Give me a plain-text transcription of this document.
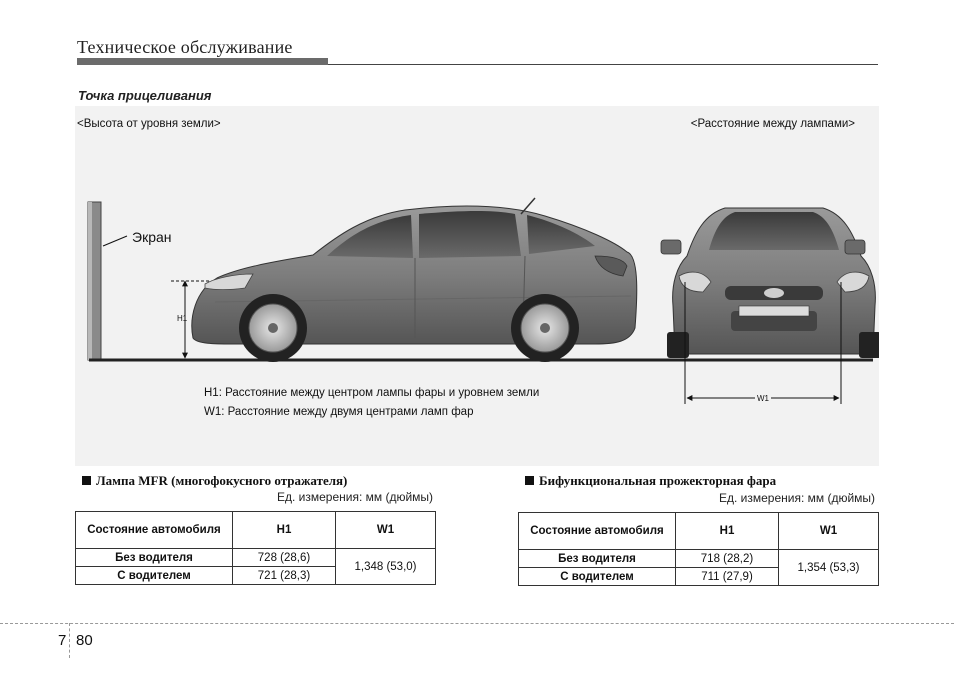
Техническое обслуживание
Точка прицеливания
<Высота от уровня земли>	<Расстояние между лампами>
Экран
H1
W1
H1: Расстояние между центром лампы фары и уровнем земли
W1: Расстояние между двумя центрами ламп фар
Лампа MFR (многофокусного отражателя)
Ед. измерения: мм (дюймы)
Состояние автомобиля	H1	W1
Без водителя	728 (28,6)	1,348 (53,0)
С водителем	721 (28,3)	
Бифункциональная прожекторная фара
Ед. измерения: мм (дюймы)
Состояние автомобиля	H1	W1
Без водителя	718 (28,2)	1,354 (53,3)
С водителем	711 (27,9)	
7 80
